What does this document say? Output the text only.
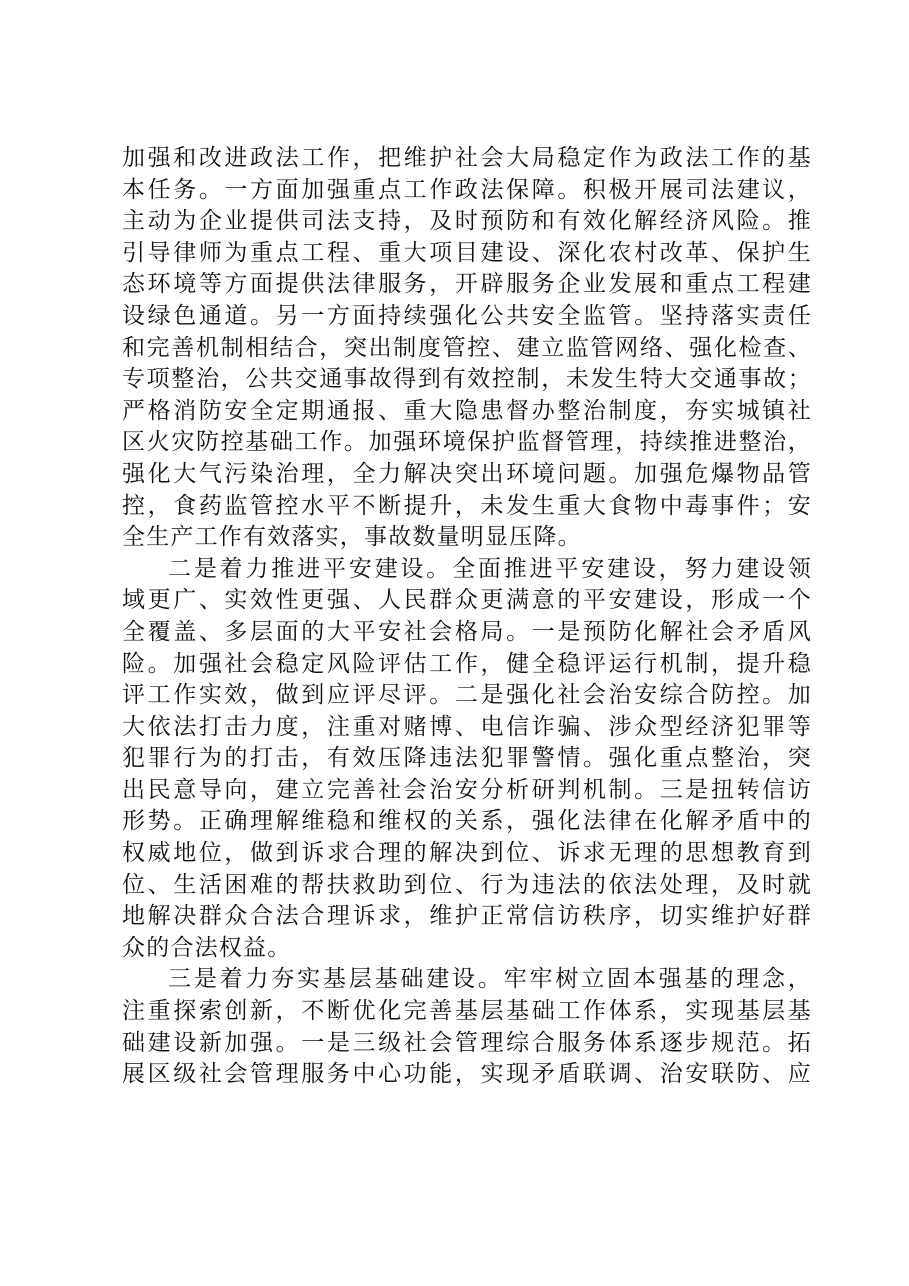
加强和改进政法工作，把维护社会大局稳定作为政法工作的基
本任务。一方面加强重点工作政法保障。积极开展司法建议，
主动为企业提供司法支持，及时预防和有效化解经济风险。推
引导律师为重点工程、重大项目建设、深化农村改革、保护生
态环境等方面提供法律服务，开辟服务企业发展和重点工程建
设绿色通道。另一方面持续强化公共安全监管。坚持落实责任
和完善机制相结合，突出制度管控、建立监管网络、强化检查、
专项整治，公共交通事故得到有效控制，未发生特大交通事故；
严格消防安全定期通报、重大隐患督办整治制度，夯实城镇社
区火灾防控基础工作。加强环境保护监督管理，持续推进整治，
强化大气污染治理，全力解决突出环境问题。加强危爆物品管
控，食药监管控水平不断提升，未发生重大食物中毒事件；安
全生产工作有效落实，事故数量明显压降。
二是着力推进平安建设。全面推进平安建设，努力建设领
域更广、实效性更强、人民群众更满意的平安建设，形成一个
全覆盖、多层面的大平安社会格局。一是预防化解社会矛盾风
险。加强社会稳定风险评估工作，健全稳评运行机制，提升稳
评工作实效，做到应评尽评。二是强化社会治安综合防控。加
大依法打击力度，注重对赌博、电信诈骗、涉众型经济犯罪等
犯罪行为的打击，有效压降违法犯罪警情。强化重点整治，突
出民意导向，建立完善社会治安分析研判机制。三是扭转信访
形势。正确理解维稳和维权的关系，强化法律在化解矛盾中的
权威地位，做到诉求合理的解决到位、诉求无理的思想教育到
位、生活困难的帮扶救助到位、行为违法的依法处理，及时就
地解决群众合法合理诉求，维护正常信访秩序，切实维护好群
众的合法权益。
三是着力夯实基层基础建设。牢牢树立固本强基的理念，
注重探索创新，不断优化完善基层基础工作体系，实现基层基
础建设新加强。一是三级社会管理综合服务体系逐步规范。拓
展区级社会管理服务中心功能，实现矛盾联调、治安联防、应
